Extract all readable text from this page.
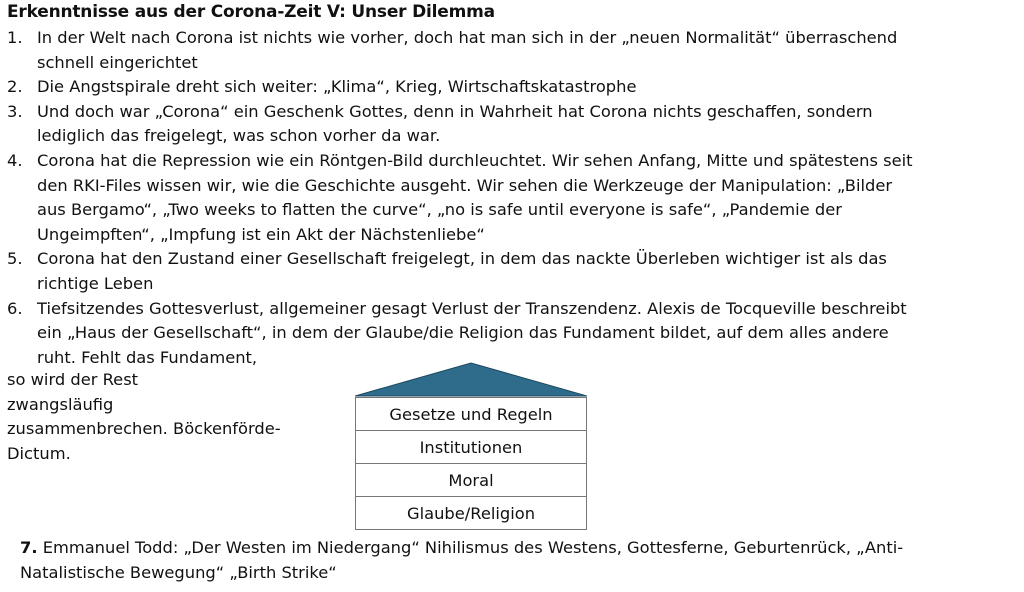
Erkenntnisse aus der Corona-Zeit V: Unser Dilemma
1. In der Welt nach Corona ist nichts wie vorher, doch hat man sich in der „neuen Normalität“ überraschend
schnell eingerichtet
2. Die Angstspirale dreht sich weiter: „Klima“, Krieg, Wirtschaftskatastrophe
3. Und doch war „Corona“ ein Geschenk Gottes, denn in Wahrheit hat Corona nichts geschaffen, sondern
lediglich das freigelegt, was schon vorher da war.
4. Corona hat die Repression wie ein Röntgen-Bild durchleuchtet. Wir sehen Anfang, Mitte und spätestens seit
den RKI-Files wissen wir, wie die Geschichte ausgeht. Wir sehen die Werkzeuge der Manipulation: „Bilder
aus Bergamo“, „Two weeks to flatten the curve“, „no is safe until everyone is safe“, „Pandemie der
Ungeimpften“, „Impfung ist ein Akt der Nächstenliebe“
5. Corona hat den Zustand einer Gesellschaft freigelegt, in dem das nackte Überleben wichtiger ist als das
richtige Leben
6. Tiefsitzendes Gottesverlust, allgemeiner gesagt Verlust der Transzendenz. Alexis de Tocqueville beschreibt
ein „Haus der Gesellschaft“, in dem der Glaube/die Religion das Fundament bildet, auf dem alles andere
ruht. Fehlt das Fundament,
so wird der Rest
zwangsläufig
zusammenbrechen. Böckenförde-
Dictum.
Gesetze und Regeln
Institutionen
Moral
Glaube/Religion
7. Emmanuel Todd: „Der Westen im Niedergang“ Nihilismus des Westens, Gottesferne, Geburtenrück, „Anti-
Natalistische Bewegung“ „Birth Strike“
